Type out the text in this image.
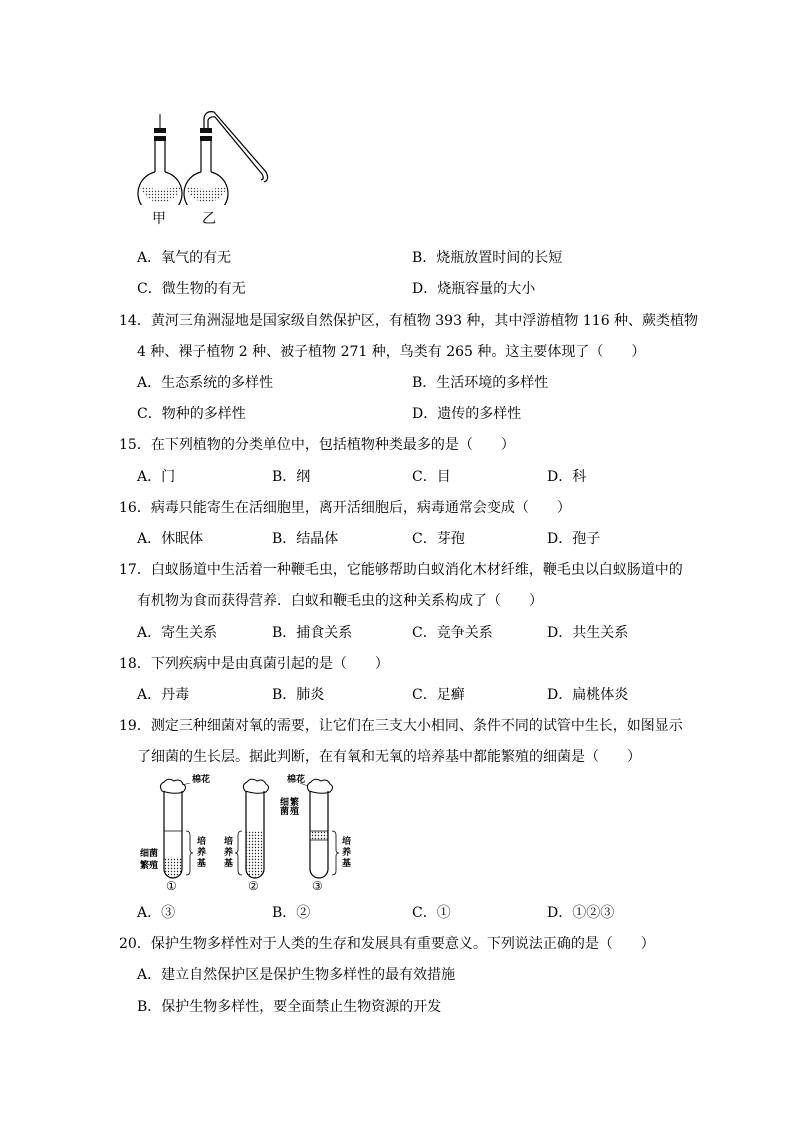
甲	乙
A．氧气的有无	B．烧瓶放置时间的长短
C．微生物的有无	D．烧瓶容量的大小
14．黄河三角洲湿地是国家级自然保护区，有植物 393 种，其中浮游植物 116 种、蕨类植物
4 种、裸子植物 2 种、被子植物 271 种，鸟类有 265 种。这主要体现了（　　）
A．生态系统的多样性	B．生活环境的多样性
C．物种的多样性	D．遗传的多样性
15．在下列植物的分类单位中，包括植物种类最多的是（　　）
A．门	B．纲	C．目	D．科
16．病毒只能寄生在活细胞里，离开活细胞后，病毒通常会变成（　　）
A．休眠体	B．结晶体	C．芽孢	D．孢子
17．白蚁肠道中生活着一种鞭毛虫，它能够帮助白蚁消化木材纤维，鞭毛虫以白蚁肠道中的
有机物为食而获得营养．白蚁和鞭毛虫的这种关系构成了（　　）
A．寄生关系	B．捕食关系	C．竞争关系	D．共生关系
18．下列疾病中是由真菌引起的是（　　）
A．丹毒	B．肺炎	C．足癣	D．扁桃体炎
19．测定三种细菌对氧的需要，让它们在三支大小相同、条件不同的试管中生长，如图显示
了细菌的生长层。据此判断，在有氧和无氧的培养基中都能繁殖的细菌是（　　）
棉花	棉花
细菌
繁殖
细菌 繁殖
培
养
基
培
养
基
培
养
基
①	②	③
A．③	B．②	C．①	D．①②③
20．保护生物多样性对于人类的生存和发展具有重要意义。下列说法正确的是（　　）
A．建立自然保护区是保护生物多样性的最有效措施
B．保护生物多样性，要全面禁止生物资源的开发
